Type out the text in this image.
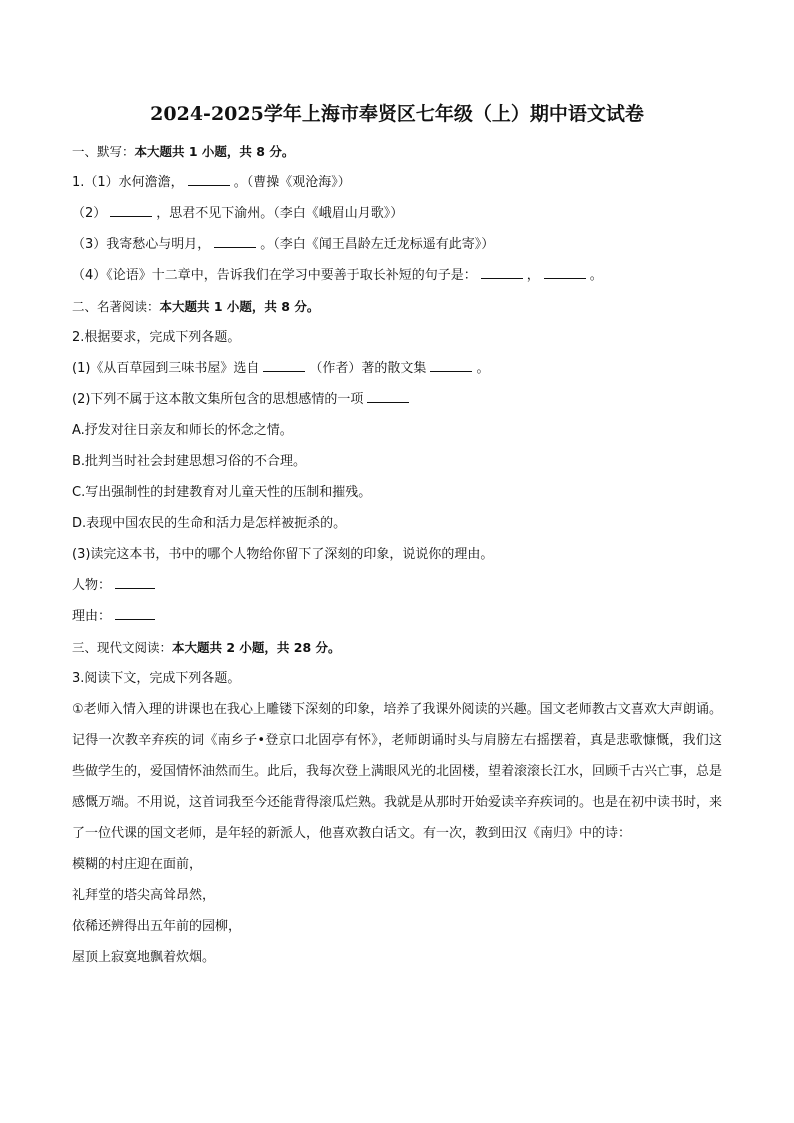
2024-2025学年上海市奉贤区七年级（上）期中语文试卷

一、默写：本大题共 1 小题，共 8 分。

1.（1）水何澹澹，	。（曹操《观沧海》）

（2）	，思君不见下渝州。（李白《峨眉山月歌》）

（3）我寄愁心与明月，	。（李白《闻王昌龄左迁龙标遥有此寄》）

（4）《论语》十二章中，告诉我们在学习中要善于取长补短的句子是：	，	。

二、名著阅读：本大题共 1 小题，共 8 分。

2.根据要求，完成下列各题。

(1)《从百草园到三味书屋》选自	（作者）著的散文集	。

(2)下列不属于这本散文集所包含的思想感情的一项

A.抒发对往日亲友和师长的怀念之情。

B.批判当时社会封建思想习俗的不合理。

C.写出强制性的封建教育对儿童天性的压制和摧残。

D.表现中国农民的生命和活力是怎样被扼杀的。

(3)读完这本书，书中的哪个人物给你留下了深刻的印象，说说你的理由。

人物：

理由：

三、现代文阅读：本大题共 2 小题，共 28 分。

3.阅读下文，完成下列各题。

①老师入情入理的讲课也在我心上雕镂下深刻的印象，培养了我课外阅读的兴趣。国文老师教古文喜欢大声朗诵。记得一次教辛弃疾的词《南乡子•登京口北固亭有怀》，老师朗诵时头与肩膀左右摇摆着，真是悲歌慷慨，我们这些做学生的，爱国情怀油然而生。此后，我每次登上满眼风光的北固楼，望着滚滚长江水，回顾千古兴亡事，总是感慨万端。不用说，这首词我至今还能背得滚瓜烂熟。我就是从那时开始爱读辛弃疾词的。也是在初中读书时，来了一位代课的国文老师，是年轻的新派人，他喜欢教白话文。有一次，教到田汉《南归》中的诗：

模糊的村庄迎在面前，

礼拜堂的塔尖高耸昂然，

依稀还辨得出五年前的园柳，

屋顶上寂寞地飘着炊烟。
